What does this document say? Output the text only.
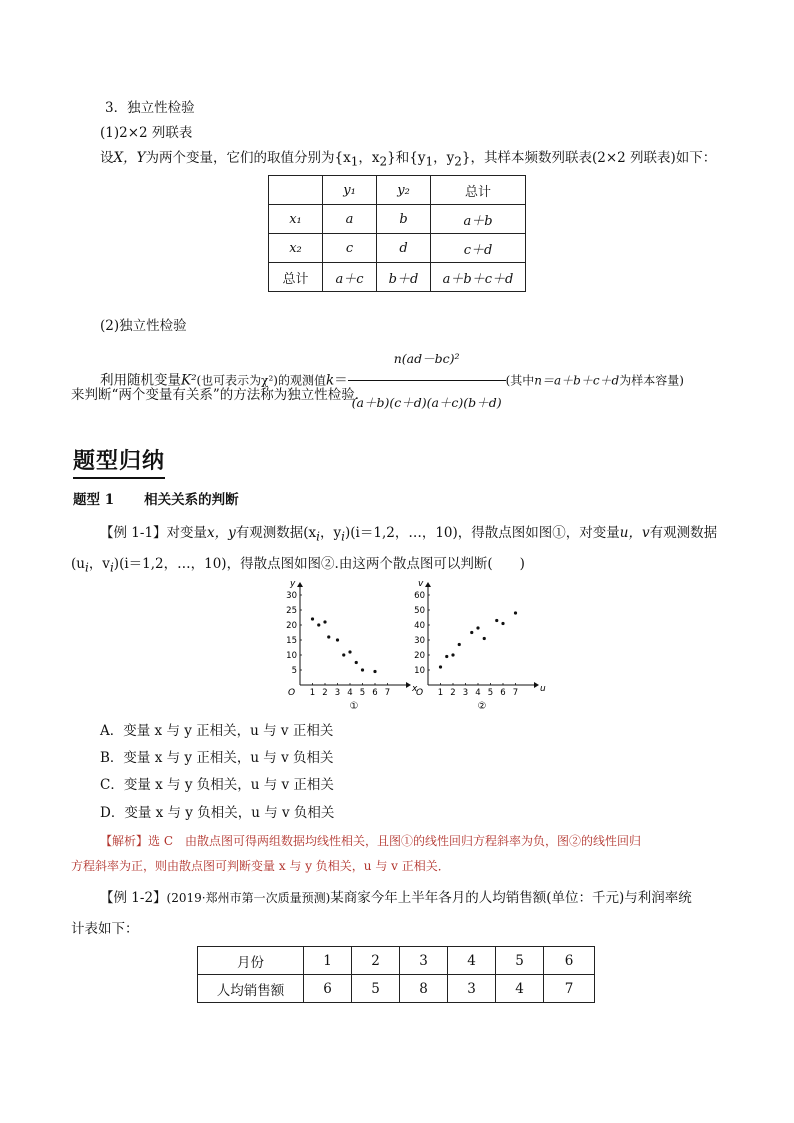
3．独立性检验
(1)2×2 列联表
设X，Y为两个变量，它们的取值分别为{$x_1$，$x_2$}和{$y_1$，$y_2$}，其样本频数列联表(2×2 列联表)如下：
	y₁	y₂	总计
x₁	a	b	a＋b
x₂	c	d	c＋d
总计	a＋c	b＋d	a＋b＋c＋d
(2)独立性检验
利用随机变量K²(也可表示为χ²)的观测值$k= \frac{\text{n(ad－bc)²}}{(a+b)(c+d)(a+c)(b+d)}$ (其中n＝a＋b＋c＋d为样本容量)
来判断“两个变量有关系”的方法称为独立性检验．
题型归纳
题型 1 相关关系的判断
【例 1-1】对变量x，y有观测数据($x_i$，$y_i)(i=1,2$，…，10)，得散点图如图①，对变量u，v有观测数据
($u_i$，$v_i)(i=1,2$，…，10)，得散点图如图②.由这两个散点图可以判断(　　)
x
y
O
①
1 2 3 4 5 6 7
5
10
15
20
25
30
u
v
O
②
1 2 3 4 5 6 7
10
20
30
40
50
60
A．变量 x 与 y 正相关，u 与 v 正相关
B．变量 x 与 y 正相关，u 与 v 负相关
C．变量 x 与 y 负相关，u 与 v 正相关
D．变量 x 与 y 负相关，u 与 v 负相关
【解析】选 C　由散点图可得两组数据均线性相关，且图①的线性回归方程斜率为负，图②的线性回归
方程斜率为正，则由散点图可判断变量 x 与 y 负相关，u 与 v 正相关．
【例 1-2】(2019·郑州市第一次质量预测)某商家今年上半年各月的人均销售额(单位：千元)与利润率统
计表如下：
月份	1	2	3	4	5	6
人均销售额	6	5	8	3	4	7
